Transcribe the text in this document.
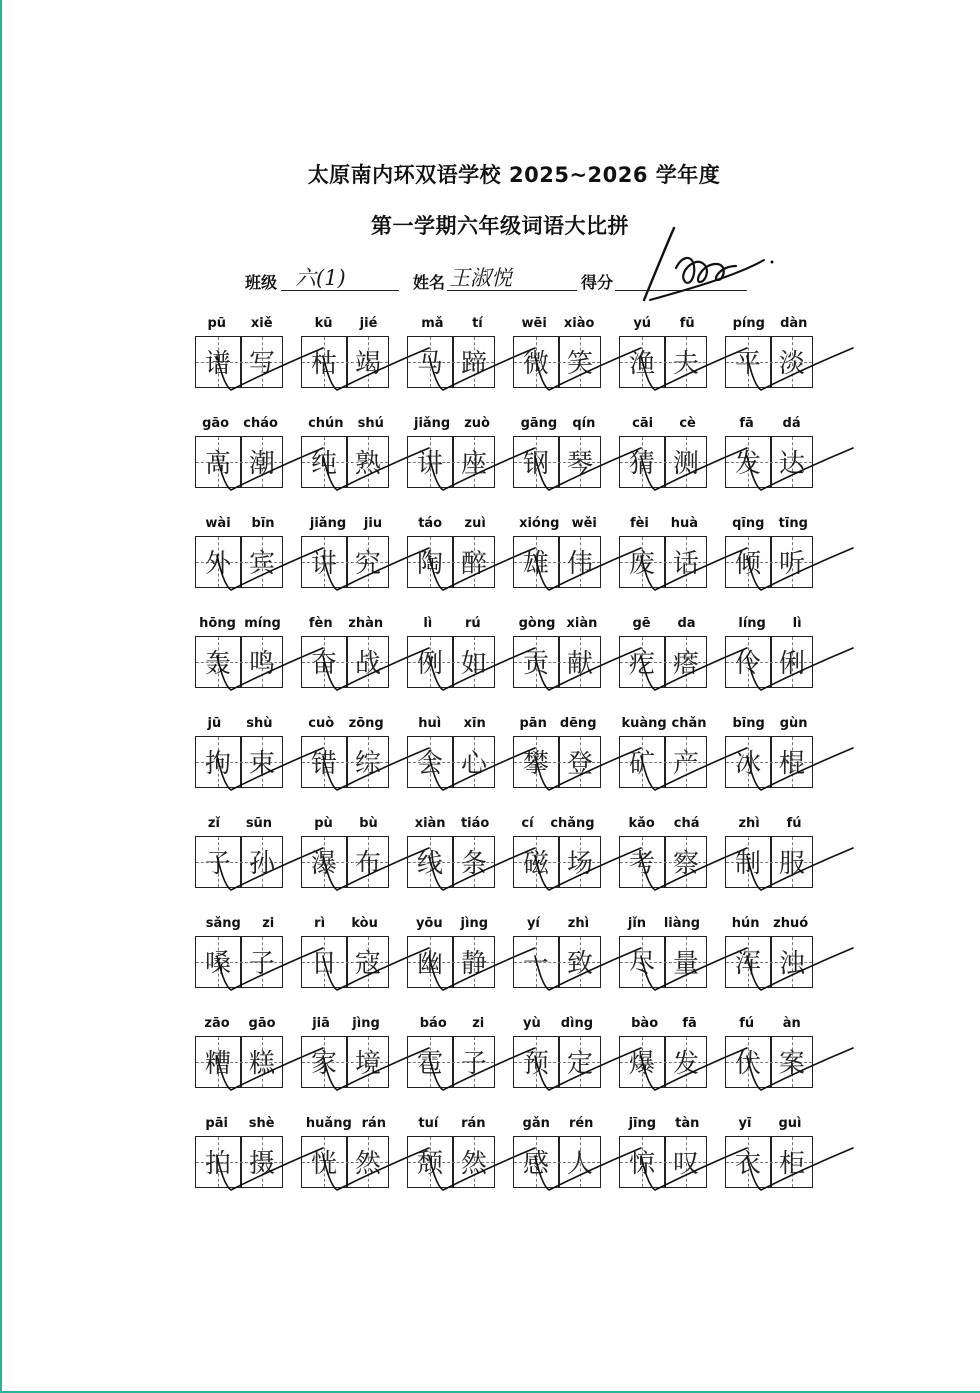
太原南内环双语学校 2025~2026 学年度
第一学期六年级词语大比拼
班级 六(1)	姓名 王淑悦	得分
pū xiě
谱 写
kū jié
枯 竭
mǎ tí
马 蹄
wēi xiào
微 笑
yú fū
渔 夫
píng dàn
平 淡
gāo cháo
高 潮
chún shú
纯 熟
jiǎng zuò
讲 座
gāng qín
钢 琴
cāi cè
猜 测
fā dá
发 达
wài bīn
外 宾
jiǎng jiu
讲 究
táo zuì
陶 醉
xióng wěi
雄 伟
fèi huà
废 话
qīng tīng
倾 听
hōng míng
轰 鸣
fèn zhàn
奋 战
lì	rú
例 如
gòng xiàn
贡 献
gē da
疙 瘩
líng lì
伶 俐
jū shù
拘 束
cuò zōng
错 综
huì xīn
会 心
pān dēng
攀 登
kuàng chǎn
矿 产
bīng gùn
冰 棍
zǐ sūn
子 孙
pù bù
瀑 布
xiàn tiáo
线 条
cí chǎng
磁 场
kǎo chá
考 察
zhì fú
制 服
sǎng zi
嗓 子
rì kòu
日 寇
yōu jìng
幽 静
yí zhì
一 致
jǐn liàng
尽 量
hún zhuó
浑 浊
zāo gāo
糟 糕
jiā jìng
家 境
báo zi
雹 子
yù dìng
预 定
bào fā
爆 发
fú àn
伏 案
pāi shè
拍 摄
huǎng rán
恍 然
tuí rán
颓 然
gǎn rén
感 人
jīng tàn
惊 叹
yī guì
衣 柜
